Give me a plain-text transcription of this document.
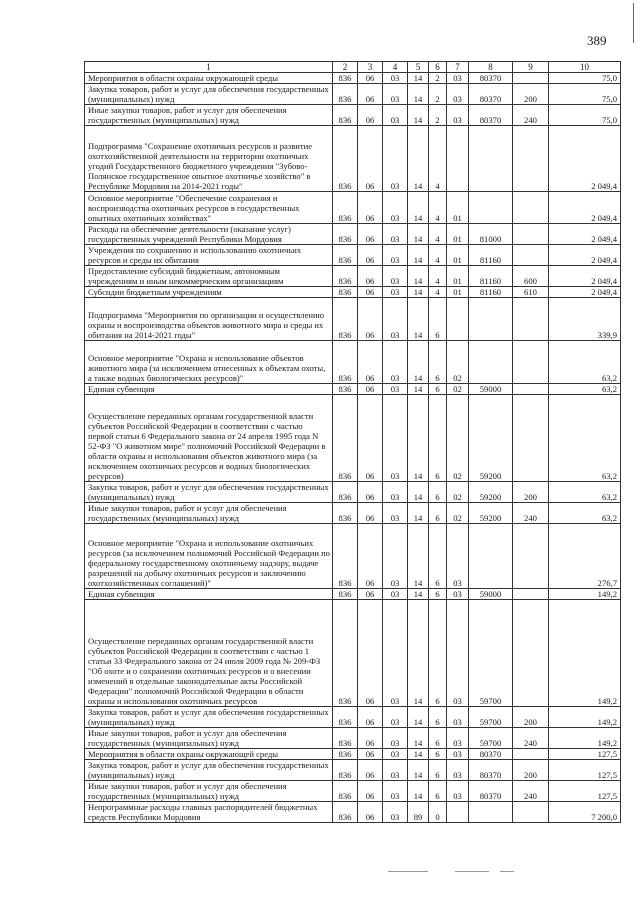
389
1	2	3	4	5	6	7	8	9	10
Мероприятия в области охраны окружающей среды	836	06	03	14	2	03	80370		75,0
Закупка товаров, работ и услуг для обеспечения государственных (муниципальных) нужд	836	06	03	14	2	03	80370	200	75,0
Иные закупки товаров, работ и услуг для обеспечения государственных (муниципальных) нужд	836	06	03	14	2	03	80370	240	75,0
Подпрограмма "Сохранение охотничьих ресурсов и развитие охотхозяйственной деятельности на территории охотничьих угодий Государственного бюджетного учреждения "Зубово-Полянское государственное опытное охотничье хозяйство" в Республике Мордовия на 2014-2021 годы"	836	06	03	14	4				2 049,4
Основное мероприятие "Обеспечение сохранения и воспроизводства охотничьих ресурсов в государственных опытных охотничьих хозяйствах"	836	06	03	14	4	01			2 049,4
Расходы на обеспечение деятельности (оказание услуг) государственных учреждений Республики Мордовия	836	06	03	14	4	01	81000		2 049,4
Учреждения по сохранению и использованию охотничьих ресурсов и среды их обитания	836	06	03	14	4	01	81160		2 049,4
Предоставление субсидий бюджетным, автономным учреждениям и иным некоммерческим организациям	836	06	03	14	4	01	81160	600	2 049,4
Субсидии бюджетным учреждениям	836	06	03	14	4	01	81160	610	2 049,4
Подпрограмма "Мероприятия по организации и осуществлению охраны и воспроизводства объектов животного мира и среды их обитания на 2014-2021 годы"	836	06	03	14	6				339,9
Основное мероприятие "Охрана и использование объектов животного мира (за исключением отнесенных к объектам охоты, а также водных биологических ресурсов)"	836	06	03	14	6	02			63,2
Единая субвенция	836	06	03	14	6	02	59000		63,2
Осуществление переданных органам государственной власти субъектов Российской Федерации в соответствии с частью первой статьи 6 Федерального закона от 24 апреля 1995 года N 52-ФЗ "О животном мире" полномочий Российской Федерации в области охраны и использования объектов животного мира (за исключением охотничьих ресурсов и водных биологических ресурсов)	836	06	03	14	6	02	59200		63,2
Закупка товаров, работ и услуг для обеспечения государственных (муниципальных) нужд	836	06	03	14	6	02	59200	200	63,2
Иные закупки товаров, работ и услуг для обеспечения государственных (муниципальных) нужд	836	06	03	14	6	02	59200	240	63,2
Основное мероприятие "Охрана и использование охотничьих ресурсов (за исключением полномочий Российской Федерации по федеральному государственному охотничьему надзору, выдаче разрешений на добычу охотничьих ресурсов и заключению охотхозяйственных соглашений)"	836	06	03	14	6	03			276,7
Единая субвенция	836	06	03	14	6	03	59000		149,2
Осуществление переданных органам государственной власти субъектов Российской Федерации в соответствии с частью 1 статьи 33 Федерального закона от 24 июля 2009 года № 209-ФЗ "Об охоте и о сохранении охотничьих ресурсов и о внесении изменений в отдельные законодательные акты Российской Федерации" полномочий Российской Федерации в области охраны и использования охотничьих ресурсов	836	06	03	14	6	03	59700		149,2
Закупка товаров, работ и услуг для обеспечения государственных (муниципальных) нужд	836	06	03	14	6	03	59700	200	149,2
Иные закупки товаров, работ и услуг для обеспечения государственных (муниципальных) нужд	836	06	03	14	6	03	59700	240	149,2
Мероприятия в области охраны окружающей среды	836	06	03	14	6	03	80370		127,5
Закупка товаров, работ и услуг для обеспечения государственных (муниципальных) нужд	836	06	03	14	6	03	80370	200	127,5
Иные закупки товаров, работ и услуг для обеспечения государственных (муниципальных) нужд	836	06	03	14	6	03	80370	240	127,5
Непрограммные расходы главных распорядителей бюджетных средств Республики Мордовия	836	06	03	89	0				7 200,0
